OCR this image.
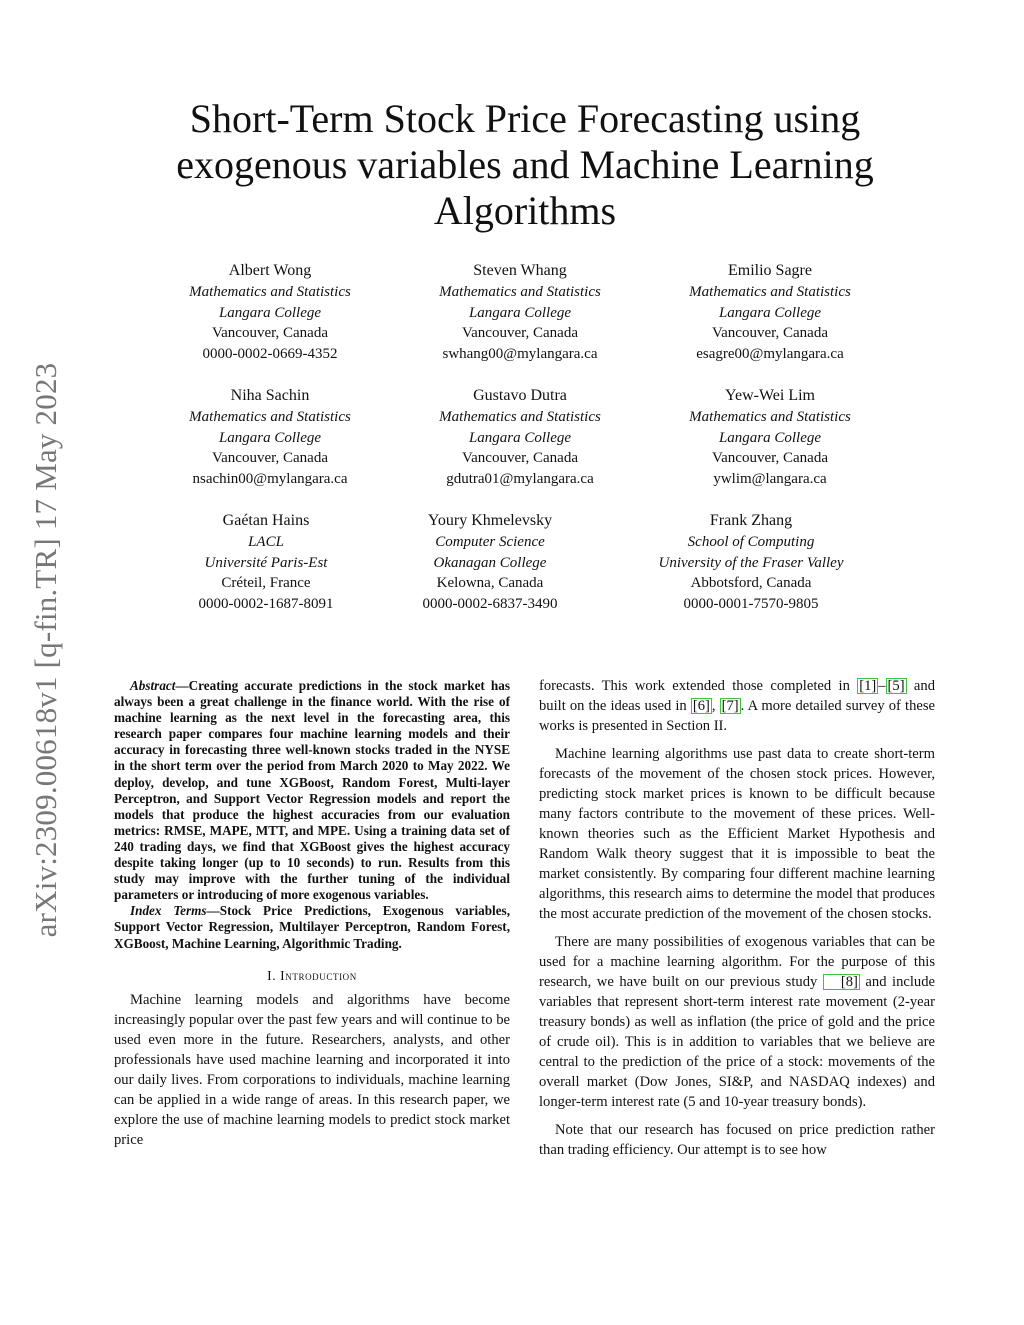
arXiv:2309.00618v1 [q-fin.TR] 17 May 2023
Short-Term Stock Price Forecasting using
exogenous variables and Machine Learning
Algorithms
Albert Wong
Mathematics and Statistics
Langara College
Vancouver, Canada
0000-0002-0669-4352
Steven Whang
Mathematics and Statistics
Langara College
Vancouver, Canada
swhang00@mylangara.ca
Emilio Sagre
Mathematics and Statistics
Langara College
Vancouver, Canada
esagre00@mylangara.ca
Niha Sachin
Mathematics and Statistics
Langara College
Vancouver, Canada
nsachin00@mylangara.ca
Gustavo Dutra
Mathematics and Statistics
Langara College
Vancouver, Canada
gdutra01@mylangara.ca
Yew-Wei Lim
Mathematics and Statistics
Langara College
Vancouver, Canada
ywlim@langara.ca
Gaétan Hains
LACL
Université Paris-Est
Créteil, France
0000-0002-1687-8091
Youry Khmelevsky
Computer Science
Okanagan College
Kelowna, Canada
0000-0002-6837-3490
Frank Zhang
School of Computing
University of the Fraser Valley
Abbotsford, Canada
0000-0001-7570-9805

Abstract—Creating accurate predictions in the stock market has always been a great challenge in the finance world. With the rise of machine learning as the next level in the forecasting area, this research paper compares four machine learning models and their accuracy in forecasting three well-known stocks traded in the NYSE in the short term over the period from March 2020 to May 2022. We deploy, develop, and tune XGBoost, Random Forest, Multi-layer Perceptron, and Support Vector Regression models and report the models that produce the highest accuracies from our evaluation metrics: RMSE, MAPE, MTT, and MPE. Using a training data set of 240 trading days, we find that XGBoost gives the highest accuracy despite taking longer (up to 10 seconds) to run. Results from this study may improve with the further tuning of the individual parameters or introducing of more exogenous variables.

Index Terms—Stock Price Predictions, Exogenous variables, Support Vector Regression, Multilayer Perceptron, Random Forest, XGBoost, Machine Learning, Algorithmic Trading.

I. Introduction

Machine learning models and algorithms have become increasingly popular over the past few years and will continue to be used even more in the future. Researchers, analysts, and other professionals have used machine learning and incorporated it into our daily lives. From corporations to individuals, machine learning can be applied in a wide range of areas. In this research paper, we explore the use of machine learning models to predict stock market price

forecasts. This work extended those completed in [1] – [5] and built on the ideas used in [6] , [7] . A more detailed survey of these works is presented in Section II.

Machine learning algorithms use past data to create short-term forecasts of the movement of the chosen stock prices. However, predicting stock market prices is known to be difficult because many factors contribute to the movement of these prices. Well-known theories such as the Efficient Market Hypothesis and Random Walk theory suggest that it is impossible to beat the market consistently. By comparing four different machine learning algorithms, this research aims to determine the model that produces the most accurate prediction of the movement of the chosen stocks.

There are many possibilities of exogenous variables that can be used for a machine learning algorithm. For the purpose of this research, we have built on our previous study [8] and include variables that represent short-term interest rate movement (2-year treasury bonds) as well as inflation (the price of gold and the price of crude oil). This is in addition to variables that we believe are central to the prediction of the price of a stock: movements of the overall market (Dow Jones, SI&P, and NASDAQ indexes) and longer-term interest rate (5 and 10-year treasury bonds).

Note that our research has focused on price prediction rather than trading efficiency. Our attempt is to see how
